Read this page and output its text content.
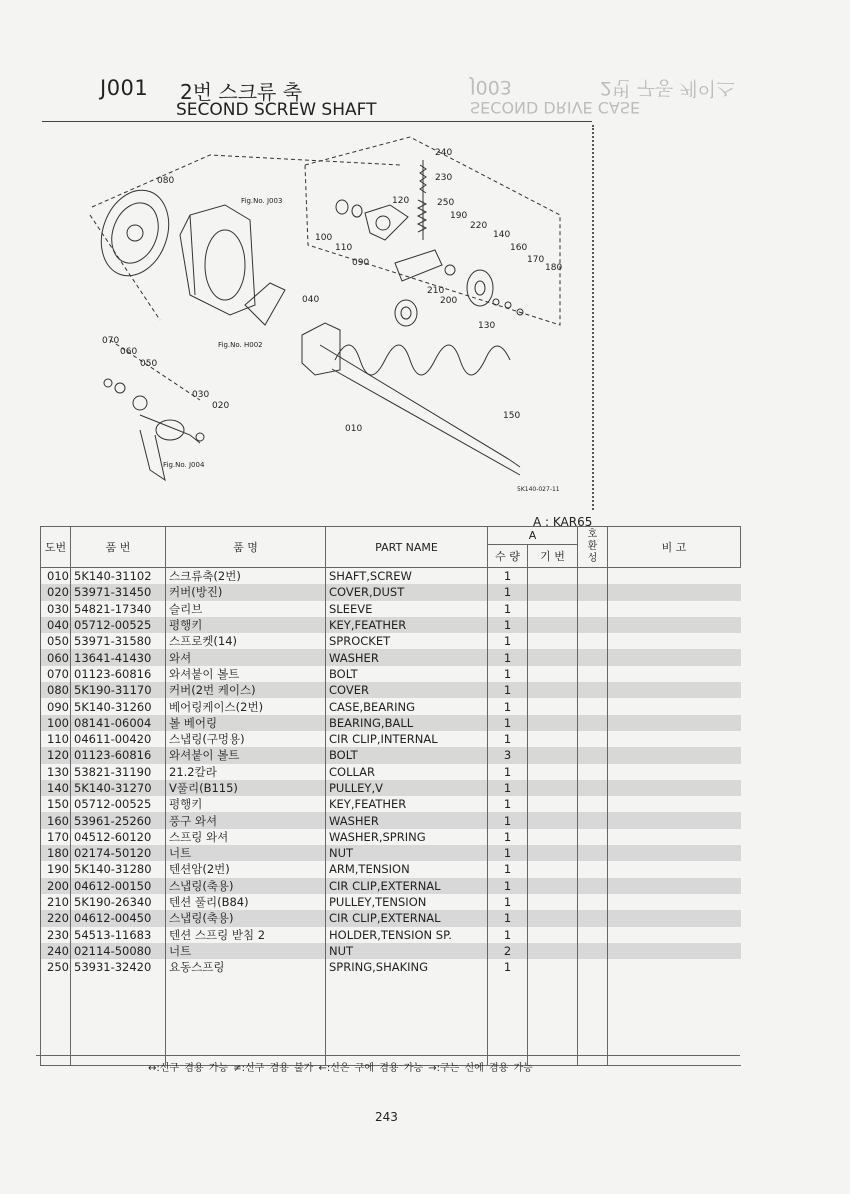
J003	2번 구동 케이스
SECOND DRIVE CASE
J001 2번 스크류 축
SECOND SCREW SHAFT
240
230
250
120
190
220
140
160
170
180
100
110
090
210
200
130
080
040
070
060
050
030
020
010
150
Fig.No. J003
Fig.No. H002
Fig.No. J004
5K140-027-11
A : KAR65
도번	품 번	품 명	PART NAME	A		호환성	비 고
				수 량	기 번		
010	5K140-31102	스크류축(2번)	SHAFT,SCREW	1			
020	53971-31450	커버(방진)	COVER,DUST	1			
030	54821-17340	슬리브	SLEEVE	1			
040	05712-00525	평행키	KEY,FEATHER	1			
050	53971-31580	스프로켓(14)	SPROCKET	1			
060	13641-41430	와셔	WASHER	1			
070	01123-60816	와셔붙이 볼트	BOLT	1			
080	5K190-31170	커버(2번 케이스)	COVER	1			
090	5K140-31260	베어링케이스(2번)	CASE,BEARING	1			
100	08141-06004	볼 베어링	BEARING,BALL	1			
110	04611-00420	스냅링(구멍용)	CIR CLIP,INTERNAL	1			
120	01123-60816	와셔붙이 볼트	BOLT	3			
130	53821-31190	21.2칼라	COLLAR	1			
140	5K140-31270	V풀리(B115)	PULLEY,V	1			
150	05712-00525	평행키	KEY,FEATHER	1			
160	53961-25260	풍구 와셔	WASHER	1			
170	04512-60120	스프링 와셔	WASHER,SPRING	1			
180	02174-50120	너트	NUT	1			
190	5K140-31280	텐션암(2번)	ARM,TENSION	1			
200	04612-00150	스냅링(축용)	CIR CLIP,EXTERNAL	1			
210	5K190-26340	텐션 풀리(B84)	PULLEY,TENSION	1			
220	04612-00450	스냅링(축용)	CIR CLIP,EXTERNAL	1			
230	54513-11683	텐션 스프링 받침 2	HOLDER,TENSION SP.	1			
240	02114-50080	너트	NUT	2			
250	53931-32420	요동스프링	SPRING,SHAKING	1			

↔:신구 겸용 가능 ≠:신구 겸용 불가 ←:신은 구에 겸용 가능 →:구는 신에 겸용 가능
243
